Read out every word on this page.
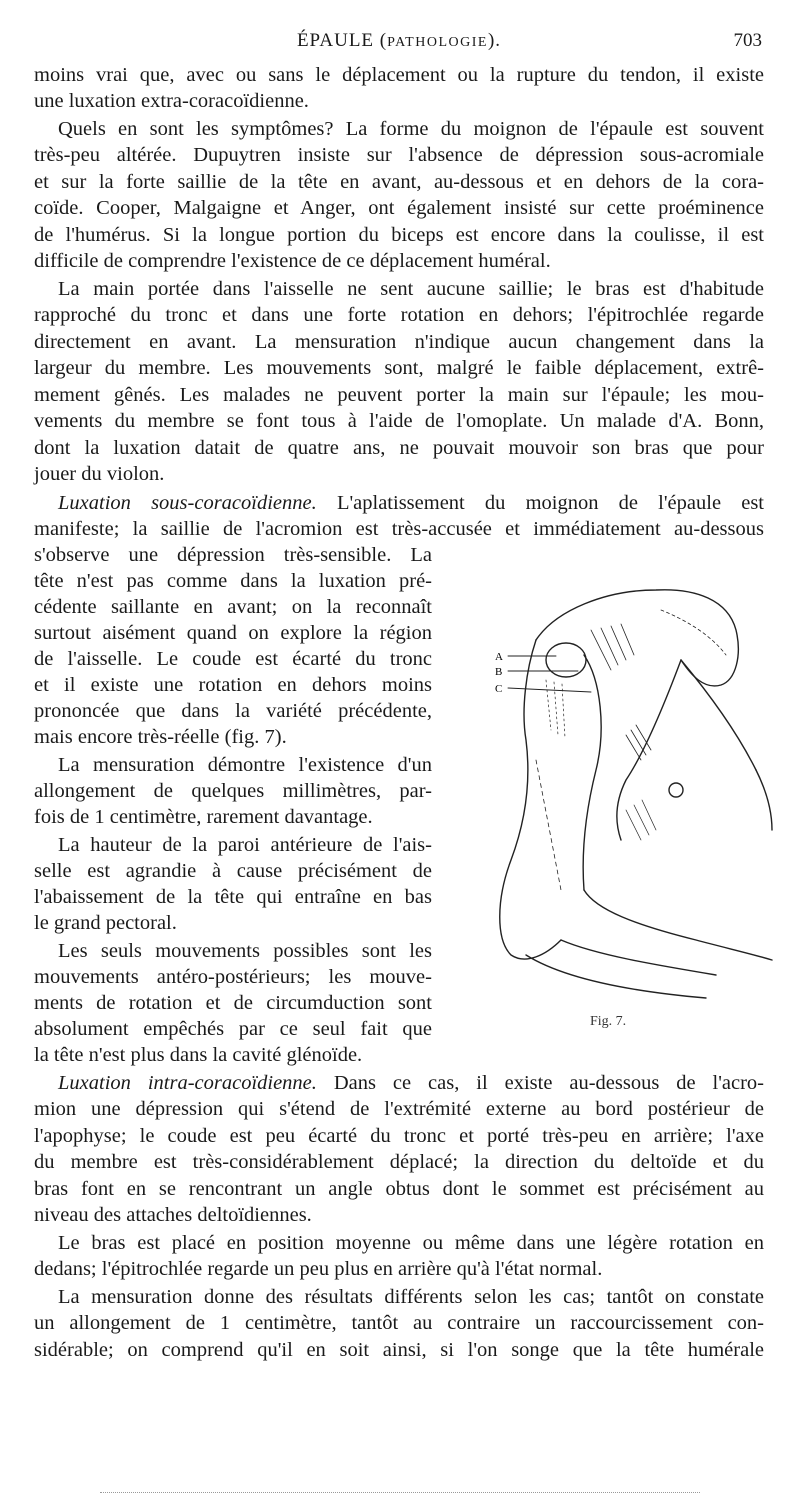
ÉPAULE (PATHOLOGIE).	703
moins vrai que, avec ou sans le déplacement ou la rupture du tendon, il existe
une luxation extra-coracoïdienne.
Quels en sont les symptômes? La forme du moignon de l'épaule est souvent
très-peu altérée. Dupuytren insiste sur l'absence de dépression sous-acromiale
et sur la forte saillie de la tête en avant, au-dessous et en dehors de la cora-
coïde. Cooper, Malgaigne et Anger, ont également insisté sur cette proéminence
de l'humérus. Si la longue portion du biceps est encore dans la coulisse, il est
difficile de comprendre l'existence de ce déplacement huméral.
La main portée dans l'aisselle ne sent aucune saillie; le bras est d'habitude
rapproché du tronc et dans une forte rotation en dehors; l'épitrochlée regarde
directement en avant. La mensuration n'indique aucun changement dans la
largeur du membre. Les mouvements sont, malgré le faible déplacement, extrê-
mement gênés. Les malades ne peuvent porter la main sur l'épaule; les mou-
vements du membre se font tous à l'aide de l'omoplate. Un malade d'A. Bonn,
dont la luxation datait de quatre ans, ne pouvait mouvoir son bras que pour
jouer du violon.
Luxation sous-coracoïdienne. L'aplatissement du moignon de l'épaule est
manifeste; la saillie de l'acromion est très-accusée et immédiatement au-dessous
s'observe une dépression très-sensible. La
tête n'est pas comme dans la luxation pré-
cédente saillante en avant; on la reconnaît
surtout aisément quand on explore la région
de l'aisselle. Le coude est écarté du tronc
et il existe une rotation en dehors moins
prononcée que dans la variété précédente,
mais encore très-réelle (fig. 7).
La mensuration démontre l'existence d'un
allongement de quelques millimètres, par-
fois de 1 centimètre, rarement davantage.
La hauteur de la paroi antérieure de l'ais-
selle est agrandie à cause précisément de
l'abaissement de la tête qui entraîne en bas
le grand pectoral.
Les seuls mouvements possibles sont les
mouvements antéro-postérieurs; les mouve-
ments de rotation et de circumduction sont
absolument empêchés par ce seul fait que
la tête n'est plus dans la cavité glénoïde.
Luxation intra-coracoïdienne. Dans ce cas, il existe au-dessous de l'acro-
mion une dépression qui s'étend de l'extrémité externe au bord postérieur de
l'apophyse; le coude est peu écarté du tronc et porté très-peu en arrière; l'axe
du membre est très-considérablement déplacé; la direction du deltoïde et du
bras font en se rencontrant un angle obtus dont le sommet est précisément au
niveau des attaches deltoïdiennes.
Le bras est placé en position moyenne ou même dans une légère rotation en
dedans; l'épitrochlée regarde un peu plus en arrière qu'à l'état normal.
La mensuration donne des résultats différents selon les cas; tantôt on constate
un allongement de 1 centimètre, tantôt au contraire un raccourcissement con-
sidérable; on comprend qu'il en soit ainsi, si l'on songe que la tête humérale
A
B
C
Fig. 7.
